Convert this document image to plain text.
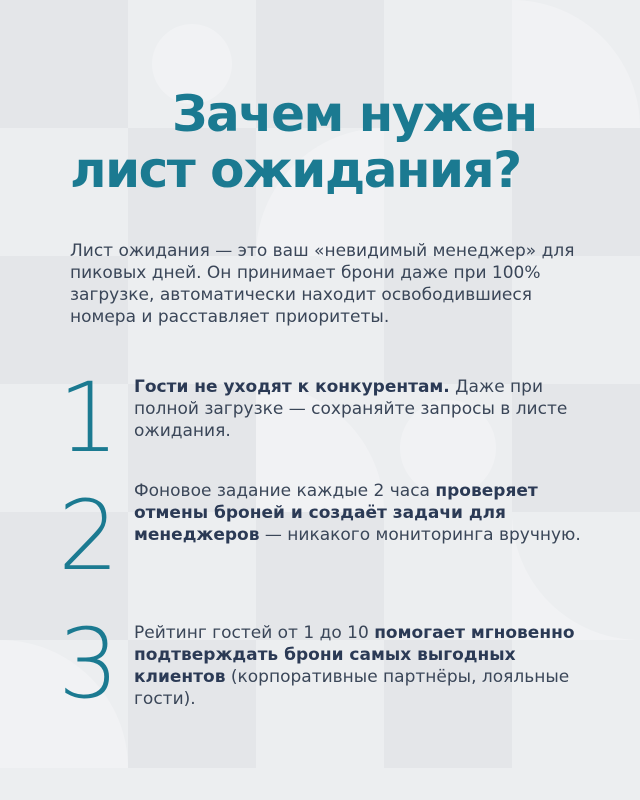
Зачем нужен
лист ожидания?

Лист ожидания — это ваш «невидимый менеджер» для пиковых дней. Он принимает брони даже при 100% загрузке, автоматически находит освободившиеся номера и расставляет приоритеты.

1 Гости не уходят к конкурентам. Даже при полной загрузке — сохраняйте запросы в листе ожидания.

2 Фоновое задание каждые 2 часа проверяет отмены броней и создаёт задачи для менеджеров — никакого мониторинга вручную.

3 Рейтинг гостей от 1 до 10 помогает мгновенно подтверждать брони самых выгодных клиентов (корпоративные партнёры, лояльные гости).
